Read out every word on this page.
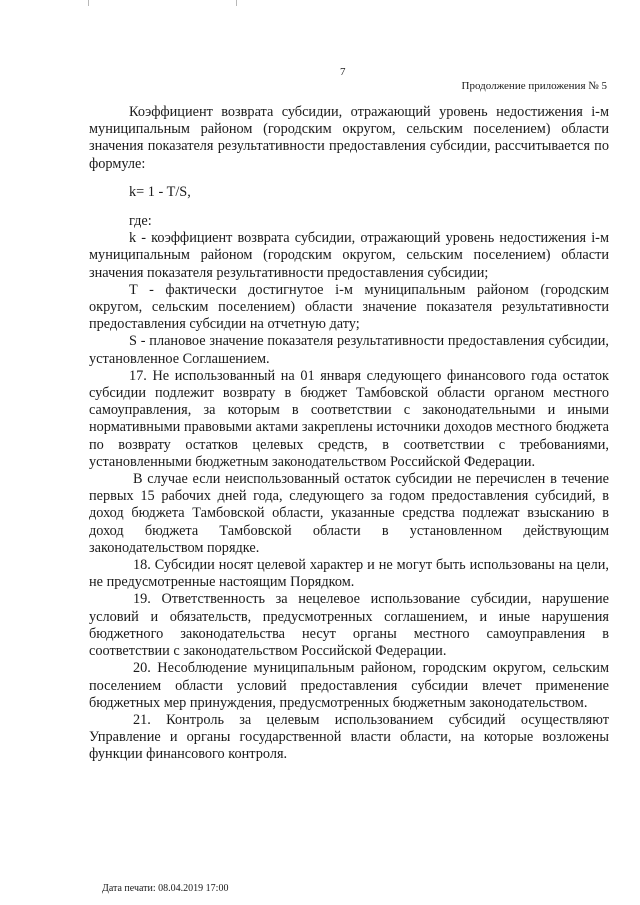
7
Продолжение приложения № 5

Коэффициент возврата субсидии, отражающий уровень недостижения i-м муниципальным районом (городским округом, сельским поселением) области значения показателя результативности предоставления субсидии, рассчитывается по формуле:

k= 1 - T/S,

где:

k - коэффициент возврата субсидии, отражающий уровень недостижения i-м муниципальным районом (городским округом, сельским поселением) области значения показателя результативности предоставления субсидии;

T - фактически достигнутое i-м муниципальным районом (городским округом, сельским поселением) области значение показателя результативности предоставления субсидии на отчетную дату;

S - плановое значение показателя результативности предоставления субсидии, установленное Соглашением.

17. Не использованный на 01 января следующего финансового года остаток субсидии подлежит возврату в бюджет Тамбовской области органом местного самоуправления, за которым в соответствии с законодательными и иными нормативными правовыми актами закреплены источники доходов местного бюджета по возврату остатков целевых средств, в соответствии с требованиями, установленными бюджетным законодательством Российской Федерации.

В случае если неиспользованный остаток субсидии не перечислен в течение первых 15 рабочих дней года, следующего за годом предоставления субсидий, в доход бюджета Тамбовской области, указанные средства подлежат взысканию в доход бюджета Тамбовской области в установленном действующим законодательством порядке.

18. Субсидии носят целевой характер и не могут быть использованы на цели, не предусмотренные настоящим Порядком.

19. Ответственность за нецелевое использование субсидии, нарушение условий и обязательств, предусмотренных соглашением, и иные нарушения бюджетного законодательства несут органы местного самоуправления в соответствии с законодательством Российской Федерации.

20. Несоблюдение муниципальным районом, городским округом, сельским поселением области условий предоставления субсидии влечет применение бюджетных мер принуждения, предусмотренных бюджетным законодательством.

21. Контроль за целевым использованием субсидий осуществляют Управление и органы государственной власти области, на которые возложены функции финансового контроля.

Дата печати: 08.04.2019 17:00
